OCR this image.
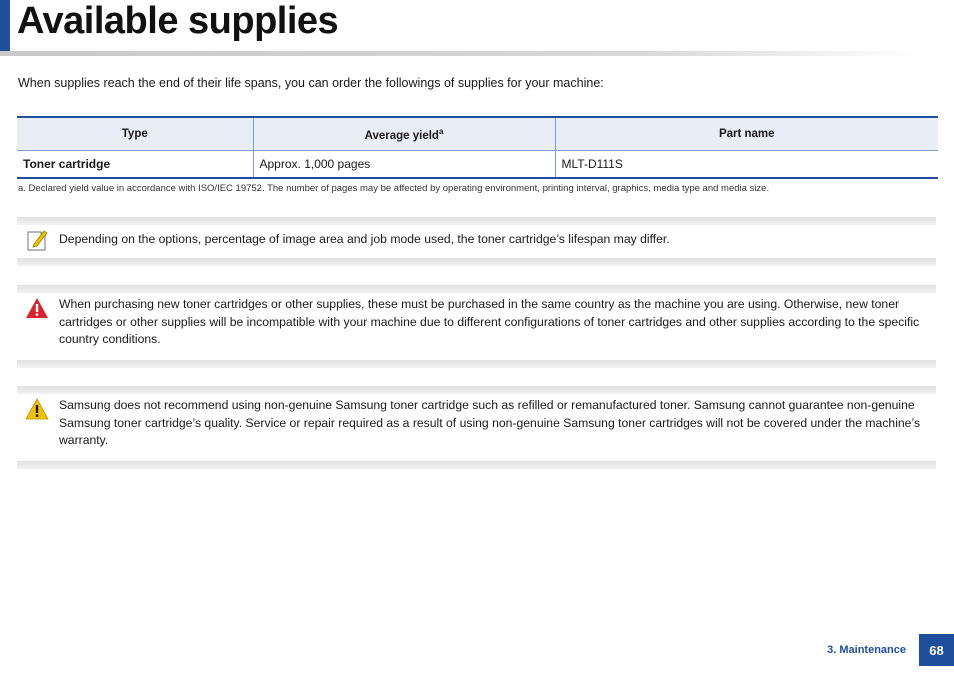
Available supplies

When supplies reach the end of their life spans, you can order the followings of supplies for your machine:

Type	Average yield$^a$	Part name
Toner cartridge	Approx. 1,000 pages	MLT-D111S

a. Declared yield value in accordance with ISO/IEC 19752. The number of pages may be affected by operating environment, printing interval, graphics, media type and media size.

Depending on the options, percentage of image area and job mode used, the toner cartridge’s lifespan may differ.

When purchasing new toner cartridges or other supplies, these must be purchased in the same country as the machine you are using. Otherwise, new toner cartridges or other supplies will be incompatible with your machine due to different configurations of toner cartridges and other supplies according to the specific country conditions.

Samsung does not recommend using non-genuine Samsung toner cartridge such as refilled or remanufactured toner. Samsung cannot guarantee non-genuine Samsung toner cartridge’s quality. Service or repair required as a result of using non-genuine Samsung toner cartridges will not be covered under the machine’s warranty.

3. Maintenance	68
